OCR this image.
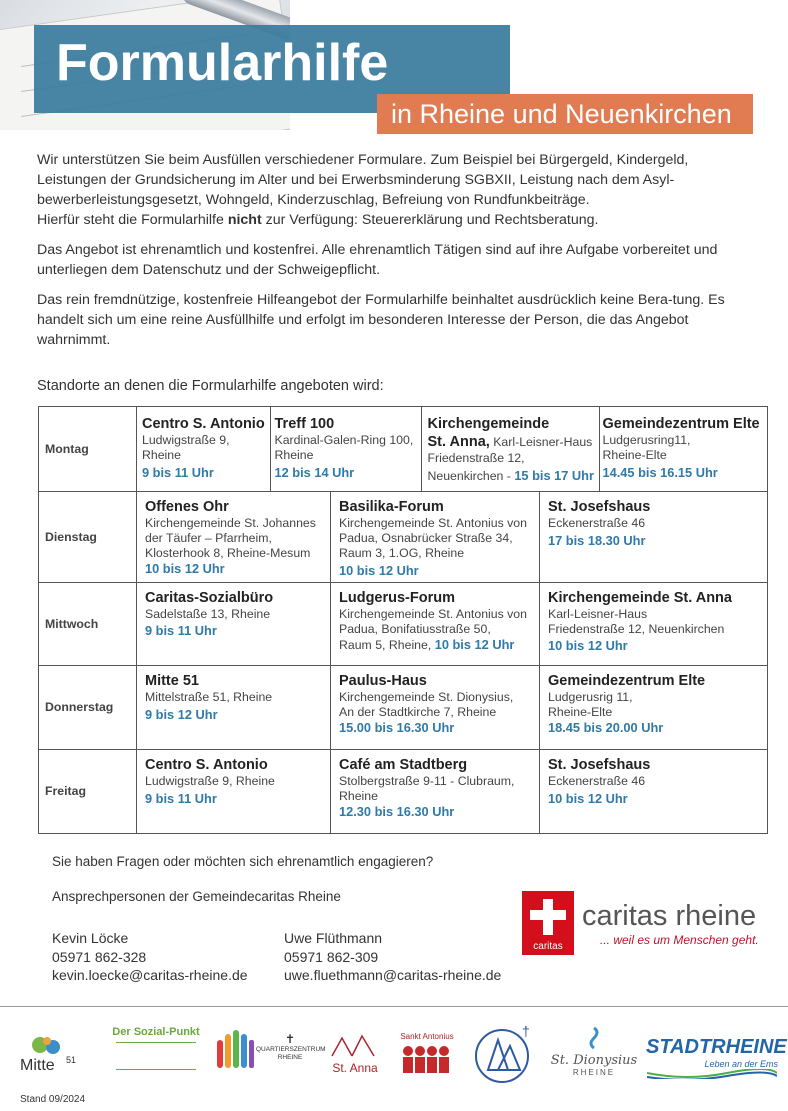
Formularhilfe
in Rheine und Neuenkirchen

Wir unterstützen Sie beim Ausfüllen verschiedener Formulare. Zum Beispiel bei Bürgergeld, Kindergeld, Leistungen der Grundsicherung im Alter und bei Erwerbsminderung SGBXII, Leistung nach dem Asyl-bewerberleistungsgesetzt, Wohngeld, Kinderzuschlag, Befreiung von Rundfunkbeiträge.
Hierfür steht die Formularhilfe nicht zur Verfügung: Steuererklärung und Rechtsberatung.

Das Angebot ist ehrenamtlich und kostenfrei. Alle ehrenamtlich Tätigen sind auf ihre Aufgabe vorbereitet und unterliegen dem Datenschutz und der Schweigepflicht.

Das rein fremdnützige, kostenfreie Hilfeangebot der Formularhilfe beinhaltet ausdrücklich keine Bera-tung. Es handelt sich um eine reine Ausfüllhilfe und erfolgt im besonderen Interesse der Person, die das Angebot wahrnimmt.

Standorte an denen die Formularhilfe angeboten wird:
Montag	
Centro S. Antonio
Ludwigstraße 9,
Rheine
9 bis 11 Uhr

Treff 100
Kardinal-Galen-Ring 100,
Rheine
12 bis 14 Uhr

Kirchengemeinde
St. Anna, Karl-Leisner-Haus
Friedenstraße 12,
Neuenkirchen - 15 bis 17 Uhr

Gemeindezentrum Elte
Ludgerusring11,
Rheine-Elte
14.45 bis 16.15 Uhr

Dienstag	
Offenes Ohr
Kirchengemeinde St. Johannes
der Täufer – Pfarrheim,
Klosterhook 8, Rheine-Mesum
10 bis 12 Uhr

Basilika-Forum
Kirchengemeinde St. Antonius von
Padua, Osnabrücker Straße 34,
Raum 3, 1.OG, Rheine
10 bis 12 Uhr

St. Josefshaus
Eckenerstraße 46
17 bis 18.30 Uhr

Mittwoch	
Caritas-Sozialbüro
Sadelstaße 13, Rheine
9 bis 11 Uhr

Ludgerus-Forum
Kirchengemeinde St. Antonius von
Padua, Bonifatiusstraße 50,
Raum 5, Rheine, 10 bis 12 Uhr

Kirchengemeinde St. Anna
Karl-Leisner-Haus
Friedenstraße 12, Neuenkirchen
10 bis 12 Uhr

Donnerstag	
Mitte 51
Mittelstraße 51, Rheine
9 bis 12 Uhr

Paulus-Haus
Kirchengemeinde St. Dionysius,
An der Stadtkirche 7, Rheine
15.00 bis 16.30 Uhr

Gemeindezentrum Elte
Ludgerusrig 11,
Rheine-Elte
18.45 bis 20.00 Uhr

Freitag	
Centro S. Antonio
Ludwigstraße 9, Rheine
9 bis 11 Uhr

Café am Stadtberg
Stolbergstraße 9-11 - Clubraum,
Rheine
12.30 bis 16.30 Uhr

St. Josefshaus
Eckenerstraße 46
10 bis 12 Uhr
Sie haben Fragen oder möchten sich ehrenamtlich engagieren?
Ansprechpersonen der Gemeindecaritas Rheine
Kevin Löcke
05971 862-328
kevin.loecke@caritas-rheine.de
Uwe Flüthmann
05971 862-309
uwe.fluethmann@caritas-rheine.de
caritas
caritas rheine
... weil es um Menschen geht.
Mitte 51
Der Sozial-Punkt	✝
QUARTIERSZENTRUM RHEINE
St. Anna
Sankt Antonius	†
St. Dionysius
RHEINE
STADTRHEINE
Leben an der Ems
Stand 09/2024
